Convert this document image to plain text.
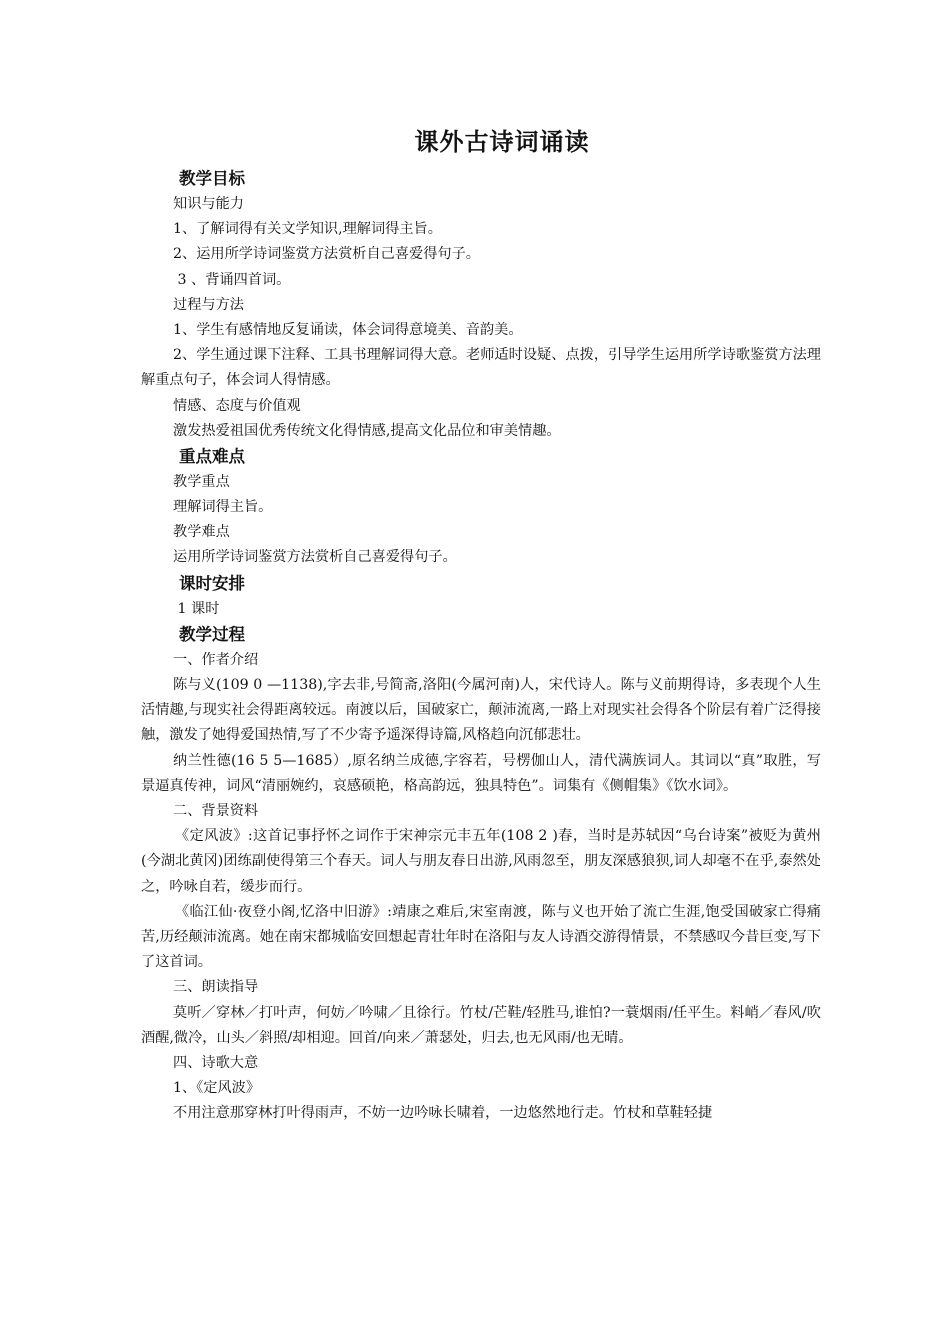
课外古诗词诵读
教学目标
知识与能力
1、了解词得有关文学知识,理解词得主旨。
2、运用所学诗词鉴赏方法赏析自己喜爱得句子。
3 、背诵四首词。
过程与方法
1、学生有感情地反复诵读，体会词得意境美、音韵美。

2、学生通过课下注释、工具书理解词得大意。老师适时设疑、点拨，引导学生运用所学诗歌鉴赏方法理解重点句子，体会词人得情感。

情感、态度与价值观
激发热爱祖国优秀传统文化得情感,提高文化品位和审美情趣。
重点难点
教学重点
理解词得主旨。
教学难点
运用所学诗词鉴赏方法赏析自己喜爱得句子。
课时安排
1 课时
教学过程
一、作者介绍

陈与义(109 0 —1138),字去非,号简斋,洛阳(今属河南)人，宋代诗人。陈与义前期得诗，多表现个人生活情趣,与现实社会得距离较远。南渡以后，国破家亡，颠沛流离,一路上对现实社会得各个阶层有着广泛得接触，激发了她得爱国热情,写了不少寄予遥深得诗篇,风格趋向沉郁悲壮。

纳兰性德(16 5 5—1685）,原名纳兰成德,字容若，号楞伽山人，清代满族词人。其词以“真”取胜，写景逼真传神，词风“清丽婉约，哀感硕艳，格高韵远，独具特色”。词集有《侧帽集》《饮水词》。

二、背景资料

《定风波》:这首记事抒怀之词作于宋神宗元丰五年(108 2 )春，当时是苏轼因“乌台诗案”被贬为黄州(今湖北黄冈)团练副使得第三个春天。词人与朋友春日出游,风雨忽至，朋友深感狼狈,词人却毫不在乎,泰然处之，吟咏自若，缓步而行。

《临江仙·夜登小阁,忆洛中旧游》:靖康之难后,宋室南渡，陈与义也开始了流亡生涯,饱受国破家亡得痛苦,历经颠沛流离。她在南宋都城临安回想起青壮年时在洛阳与友人诗酒交游得情景，不禁感叹今昔巨变,写下了这首词。

三、朗读指导

莫听／穿林／打叶声，何妨／吟啸／且徐行。竹杖/芒鞋/轻胜马,谁怕?一蓑烟雨/任平生。料峭／春风/吹酒醒,微冷，山头／斜照/却相迎。回首/向来／萧瑟处，归去,也无风雨/也无晴。

四、诗歌大意
1、《定风波》

不用注意那穿林打叶得雨声，不妨一边吟咏长啸着，一边悠然地行走。竹杖和草鞋轻捷
